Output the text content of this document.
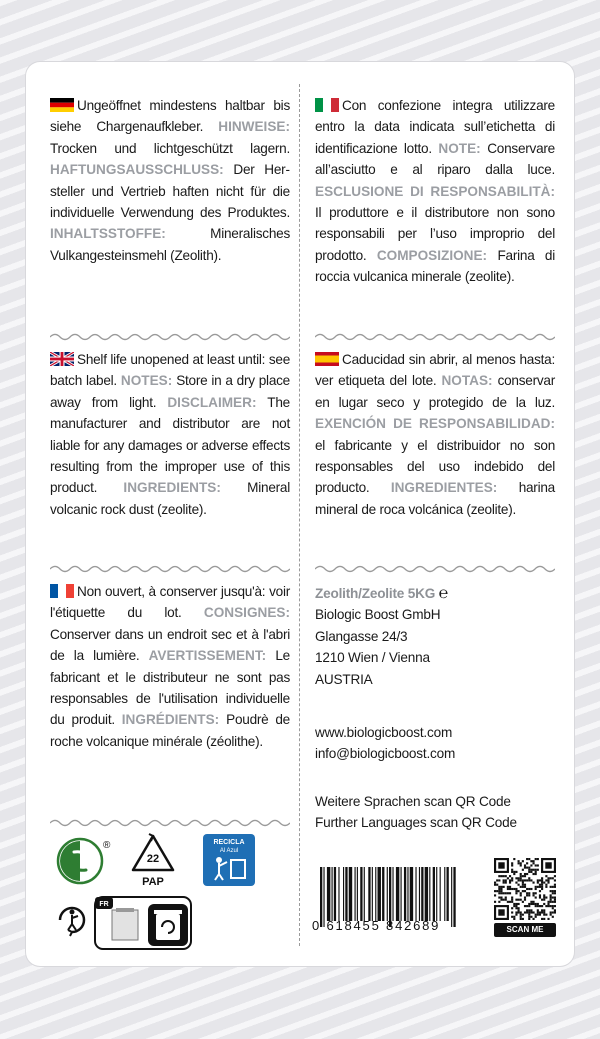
Ungeöffnet mindestens haltbar bis siehe Chargenaufkleber. HINWEISE: Trocken und lichtgeschützt lagern. HAFTUNGSAUSSCHLUSS: Der Hersteller und Vertrieb haften nicht für die individuelle Verwendung des Produktes. INHALTSSTOFFE: Mineralisches Vulkangesteinsmehl (Zeolith).
Con confezione integra utilizzare entro la data indicata sull’etichetta di identificazione lotto. NOTE: Conservare all’asciutto e al riparo dalla luce. ESCLUSIONE DI RESPONSABILITÀ: Il produttore e il distributore non sono responsabili per l’uso improprio del prodotto. COMPOSIZIONE: Farina di roccia vulcanica minerale (zeolite).
Shelf life unopened at least until: see batch label. NOTES: Store in a dry place away from light. DISCLAIMER: The manufacturer and distributor are not liable for any damages or adverse effects resulting from the improper use of this product. INGREDIENTS: Mineral volcanic rock dust (zeolite).
Caducidad sin abrir, al menos hasta: ver etiqueta del lote. NOTAS: conservar en lugar seco y protegido de la luz. EXENCIÓN DE RESPONSABILIDAD: el fabricante y el distribuidor no son responsables del uso indebido del producto. INGREDIENTES: harina mineral de roca volcánica (zeolite).
Non ouvert, à conserver jusqu'à: voir l'étiquette du lot. CONSIGNES: Conserver dans un endroit sec et à l'abri de la lumière. AVERTISSEMENT: Le fabricant et le distributeur ne sont pas responsables de l'utilisation individuelle du produit. INGRÉDIENTS: Poudrè de roche volcanique minérale (zéolithe).
Zeolith/Zeolite 5KG ℮
Biologic Boost GmbH
Glangasse 24/3
1210 Wien / Vienna
AUSTRIA
www.biologicboost.com
info@biologicboost.com
Weitere Sprachen scan QR Code
Further Languages scan QR Code
0 618455 842689	SCAN ME
®
22
PAP
RECICLA
Al Azul
FR
